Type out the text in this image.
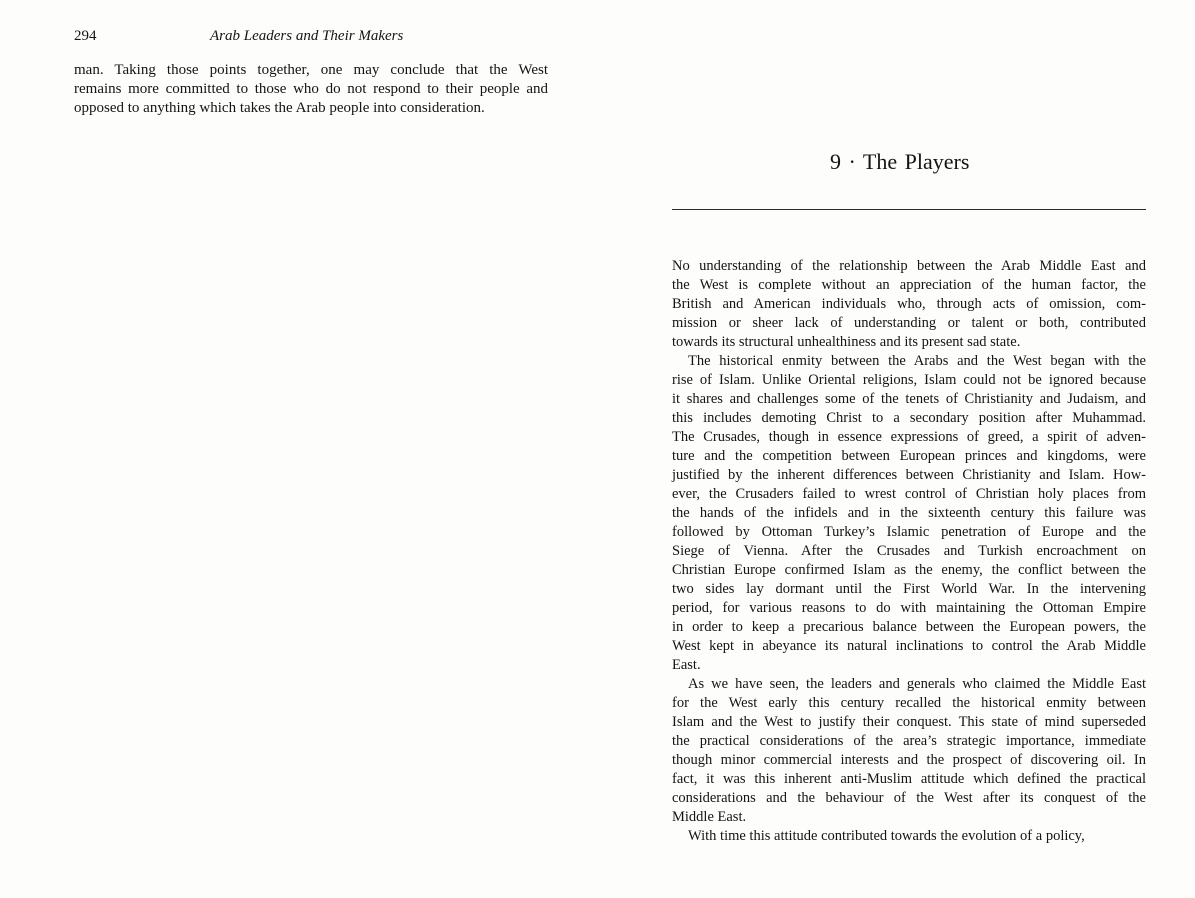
294	Arab Leaders and Their Makers
man. Taking those points together, one may conclude that the West
remains more committed to those who do not respond to their people and
opposed to anything which takes the Arab people into consideration.
9 · The Players
No understanding of the relationship between the Arab Middle East and
the West is complete without an appreciation of the human factor, the
British and American individuals who, through acts of omission, com-
mission or sheer lack of understanding or talent or both, contributed
towards its structural unhealthiness and its present sad state.
The historical enmity between the Arabs and the West began with the
rise of Islam. Unlike Oriental religions, Islam could not be ignored because
it shares and challenges some of the tenets of Christianity and Judaism, and
this includes demoting Christ to a secondary position after Muhammad.
The Crusades, though in essence expressions of greed, a spirit of adven-
ture and the competition between European princes and kingdoms, were
justified by the inherent differences between Christianity and Islam. How-
ever, the Crusaders failed to wrest control of Christian holy places from
the hands of the infidels and in the sixteenth century this failure was
followed by Ottoman Turkey’s Islamic penetration of Europe and the
Siege of Vienna. After the Crusades and Turkish encroachment on
Christian Europe confirmed Islam as the enemy, the conflict between the
two sides lay dormant until the First World War. In the intervening
period, for various reasons to do with maintaining the Ottoman Empire
in order to keep a precarious balance between the European powers, the
West kept in abeyance its natural inclinations to control the Arab Middle
East.
As we have seen, the leaders and generals who claimed the Middle East
for the West early this century recalled the historical enmity between
Islam and the West to justify their conquest. This state of mind superseded
the practical considerations of the area’s strategic importance, immediate
though minor commercial interests and the prospect of discovering oil. In
fact, it was this inherent anti-Muslim attitude which defined the practical
considerations and the behaviour of the West after its conquest of the
Middle East.
With time this attitude contributed towards the evolution of a policy,
